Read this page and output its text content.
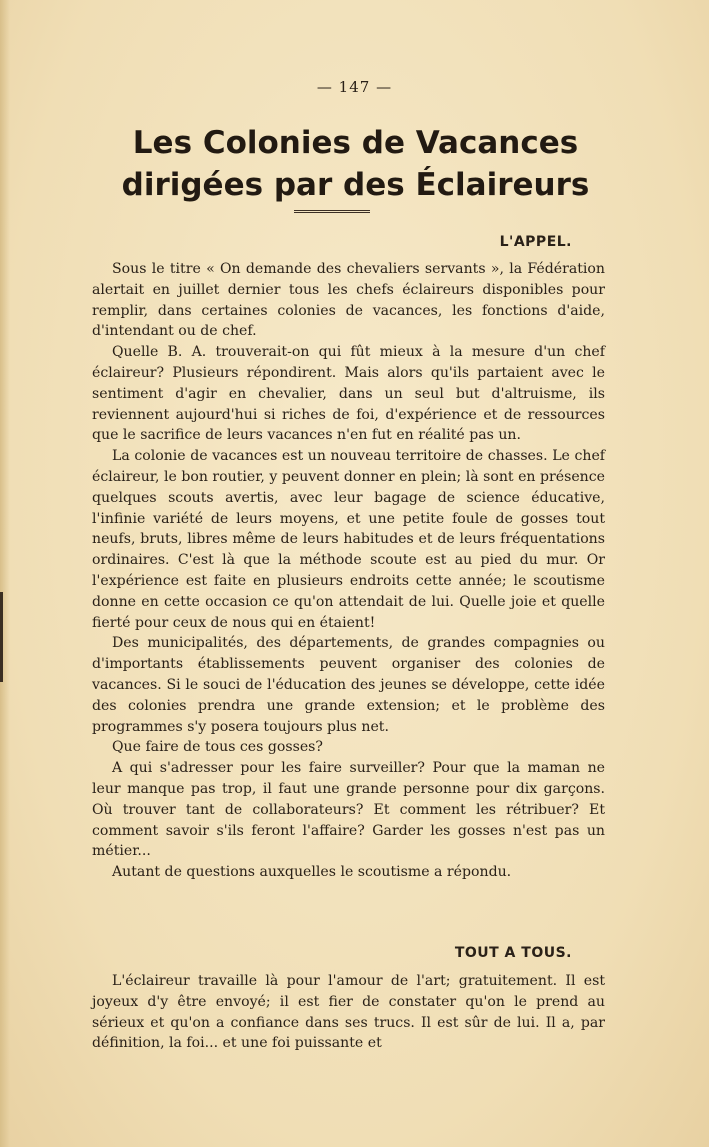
— 147 —
Les Colonies de Vacances
dirigées par des Éclaireurs
L'APPEL.

Sous le titre « On demande des chevaliers servants », la Fédération alertait en juillet dernier tous les chefs éclaireurs disponibles pour remplir, dans certaines colonies de vacances, les fonctions d'aide, d'intendant ou de chef.

Quelle B. A. trouverait-on qui fût mieux à la mesure d'un chef éclaireur? Plusieurs répondirent. Mais alors qu'ils partaient avec le sentiment d'agir en chevalier, dans un seul but d'altruisme, ils reviennent aujourd'hui si riches de foi, d'expérience et de ressources que le sacrifice de leurs vacances n'en fut en réalité pas un.

La colonie de vacances est un nouveau territoire de chasses. Le chef éclaireur, le bon routier, y peuvent donner en plein; là sont en présence quelques scouts avertis, avec leur bagage de science éducative, l'infinie variété de leurs moyens, et une petite foule de gosses tout neufs, bruts, libres même de leurs habitudes et de leurs fréquentations ordinaires. C'est là que la méthode scoute est au pied du mur. Or l'expérience est faite en plusieurs endroits cette année; le scoutisme donne en cette occasion ce qu'on attendait de lui. Quelle joie et quelle fierté pour ceux de nous qui en étaient!

Des municipalités, des départements, de grandes compagnies ou d'importants établissements peuvent organiser des colonies de vacances. Si le souci de l'éducation des jeunes se développe, cette idée des colonies prendra une grande extension; et le problème des programmes s'y posera toujours plus net.

Que faire de tous ces gosses?

A qui s'adresser pour les faire surveiller? Pour que la maman ne leur manque pas trop, il faut une grande personne pour dix garçons. Où trouver tant de collaborateurs? Et comment les rétribuer? Et comment savoir s'ils feront l'affaire? Garder les gosses n'est pas un métier...

Autant de questions auxquelles le scoutisme a répondu.

TOUT A TOUS.

L'éclaireur travaille là pour l'amour de l'art; gratuitement. Il est joyeux d'y être envoyé; il est fier de constater qu'on le prend au sérieux et qu'on a confiance dans ses trucs. Il est sûr de lui. Il a, par définition, la foi... et une foi puissante et
